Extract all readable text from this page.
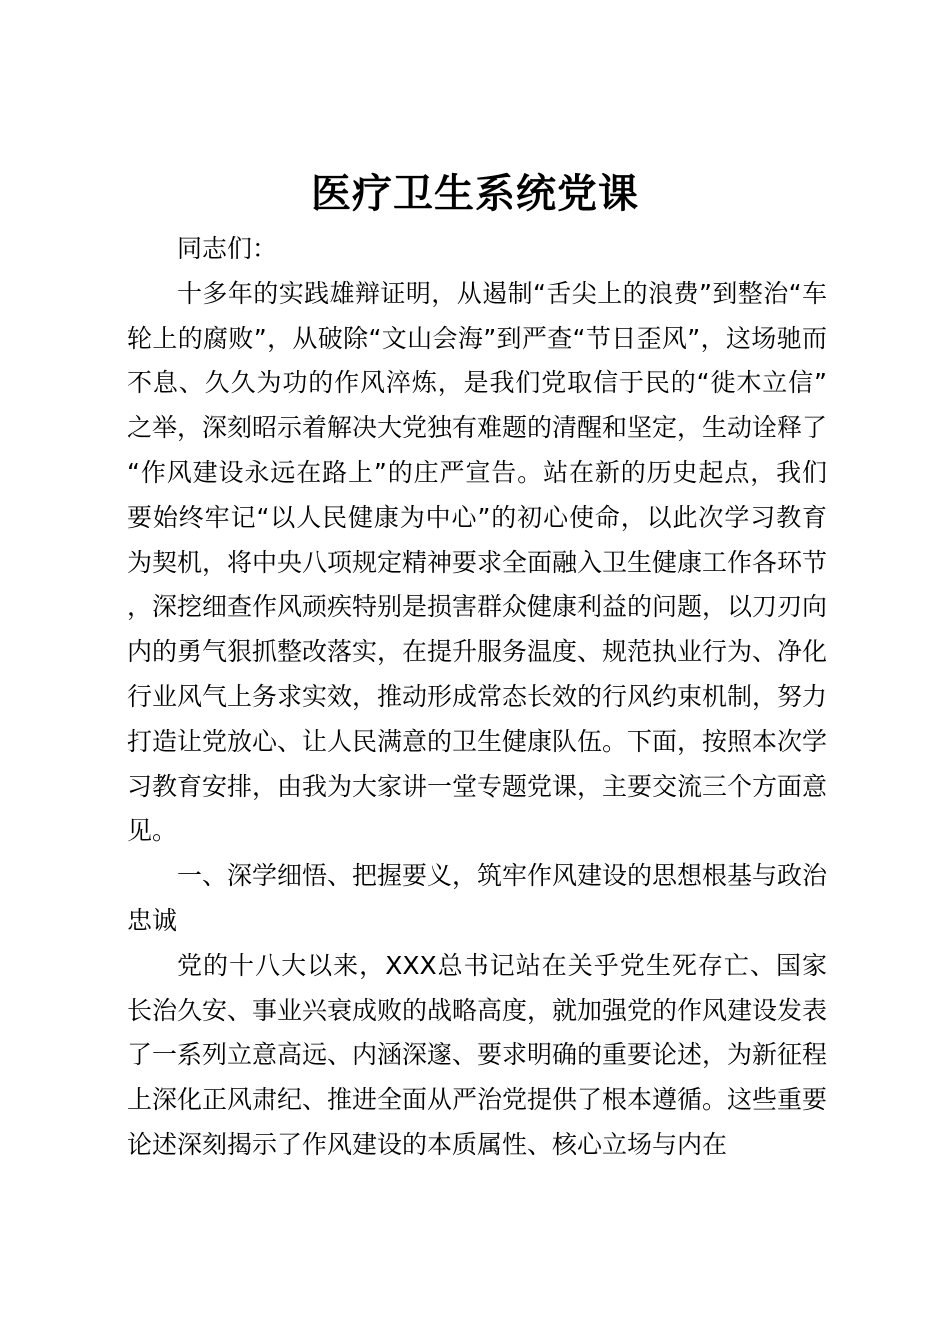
医疗卫生系统党课

同志们：

十多年的实践雄辩证明，从遏制“舌尖上的浪费”到整治“车轮上的腐败”，从破除“文山会海”到严查“节日歪风”，这场驰而不息、久久为功的作风淬炼，是我们党取信于民的“徙木立信”之举，深刻昭示着解决大党独有难题的清醒和坚定，生动诠释了“作风建设永远在路上”的庄严宣告。站在新的历史起点，我们要始终牢记“以人民健康为中心”的初心使命，以此次学习教育为契机，将中央八项规定精神要求全面融入卫生健康工作各环节，深挖细查作风顽疾特别是损害群众健康利益的问题，以刀刃向内的勇气狠抓整改落实，在提升服务温度、规范执业行为、净化行业风气上务求实效，推动形成常态长效的行风约束机制，努力打造让党放心、让人民满意的卫生健康队伍。下面，按照本次学习教育安排，由我为大家讲一堂专题党课，主要交流三个方面意见。

一、深学细悟、把握要义，筑牢作风建设的思想根基与政治忠诚

党的十八大以来，XXX总书记站在关乎党生死存亡、国家长治久安、事业兴衰成败的战略高度，就加强党的作风建设发表了一系列立意高远、内涵深邃、要求明确的重要论述，为新征程上深化正风肃纪、推进全面从严治党提供了根本遵循。这些重要论述深刻揭示了作风建设的本质属性、核心立场与内在
